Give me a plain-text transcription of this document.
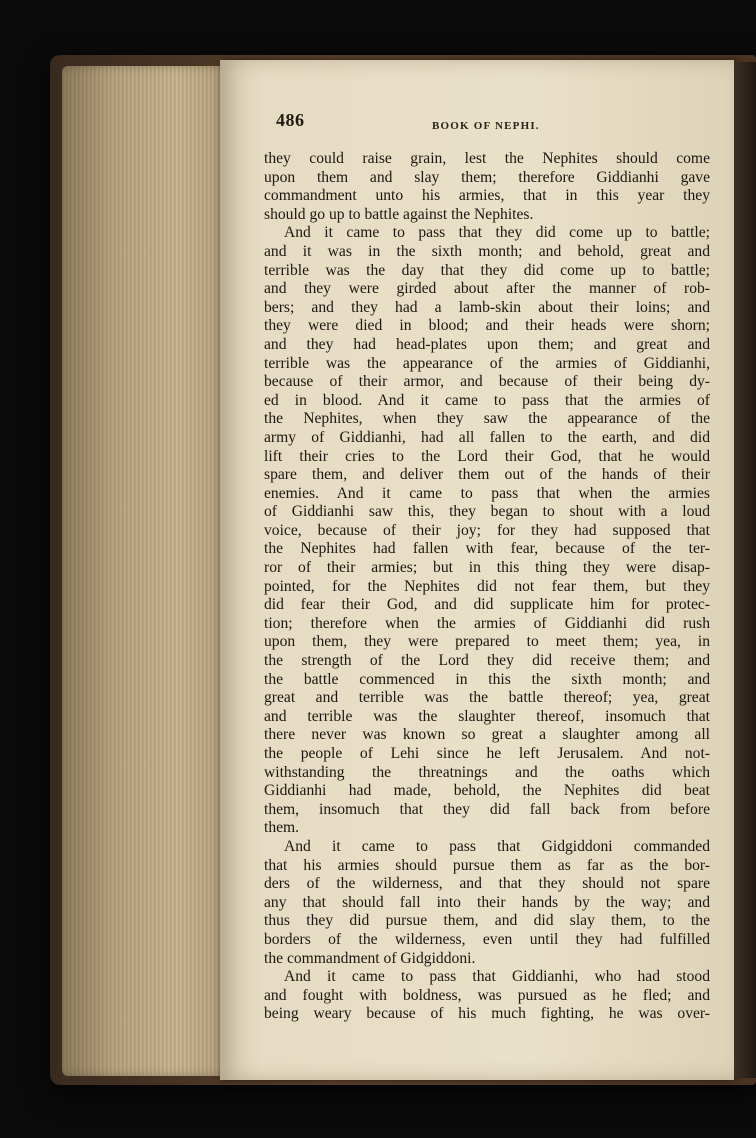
486	BOOK OF NEPHI.
they could raise grain, lest the Nephites should come
upon them and slay them; therefore Giddianhi gave
commandment unto his armies, that in this year they
should go up to battle against the Nephites.
And it came to pass that they did come up to battle;
and it was in the sixth month; and behold, great and
terrible was the day that they did come up to battle;
and they were girded about after the manner of rob-
bers; and they had a lamb-skin about their loins; and
they were died in blood; and their heads were shorn;
and they had head-plates upon them; and great and
terrible was the appearance of the armies of Giddianhi,
because of their armor, and because of their being dy-
ed in blood. And it came to pass that the armies of
the Nephites, when they saw the appearance of the
army of Giddianhi, had all fallen to the earth, and did
lift their cries to the Lord their God, that he would
spare them, and deliver them out of the hands of their
enemies. And it came to pass that when the armies
of Giddianhi saw this, they began to shout with a loud
voice, because of their joy; for they had supposed that
the Nephites had fallen with fear, because of the ter-
ror of their armies; but in this thing they were disap-
pointed, for the Nephites did not fear them, but they
did fear their God, and did supplicate him for protec-
tion; therefore when the armies of Giddianhi did rush
upon them, they were prepared to meet them; yea, in
the strength of the Lord they did receive them; and
the battle commenced in this the sixth month; and
great and terrible was the battle thereof; yea, great
and terrible was the slaughter thereof, insomuch that
there never was known so great a slaughter among all
the people of Lehi since he left Jerusalem. And not-
withstanding the threatnings and the oaths which
Giddianhi had made, behold, the Nephites did beat
them, insomuch that they did fall back from before
them.
And it came to pass that Gidgiddoni commanded
that his armies should pursue them as far as the bor-
ders of the wilderness, and that they should not spare
any that should fall into their hands by the way; and
thus they did pursue them, and did slay them, to the
borders of the wilderness, even until they had fulfilled
the commandment of Gidgiddoni.
And it came to pass that Giddianhi, who had stood
and fought with boldness, was pursued as he fled; and
being weary because of his much fighting, he was over-
